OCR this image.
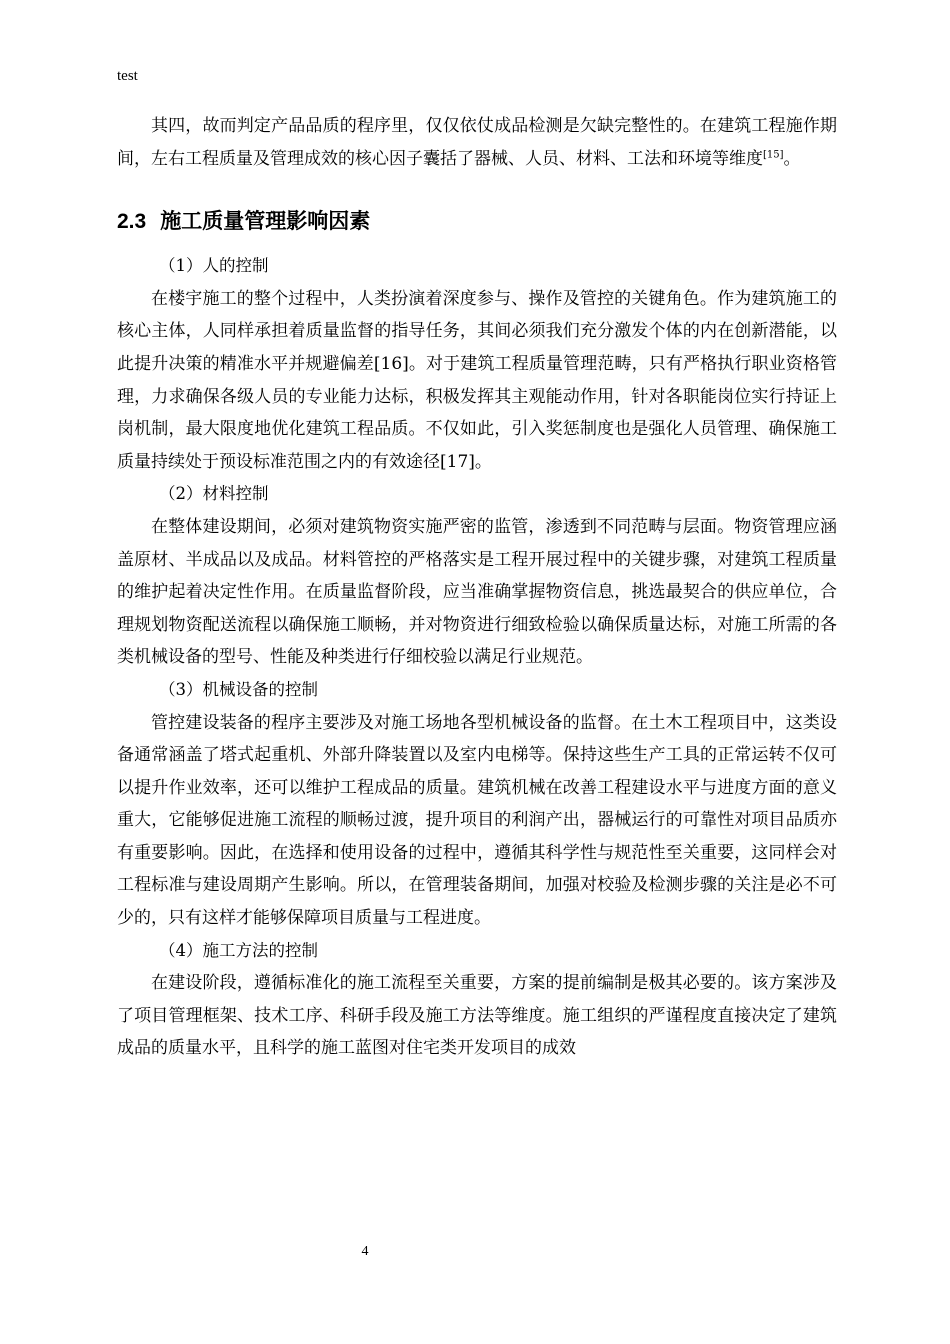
test

其四，故而判定产品品质的程序里，仅仅依仗成品检测是欠缺完整性的。在建筑工程施作期间，左右工程质量及管理成效的核心因子囊括了器械、人员、材料、工法和环境等维度[15]。

2.3 施工质量管理影响因素

（1）人的控制

在楼宇施工的整个过程中，人类扮演着深度参与、操作及管控的关键角色。作为建筑施工的核心主体，人同样承担着质量监督的指导任务，其间必须我们充分激发个体的内在创新潜能，以此提升决策的精准水平并规避偏差[16]。对于建筑工程质量管理范畴，只有严格执行职业资格管理，力求确保各级人员的专业能力达标，积极发挥其主观能动作用，针对各职能岗位实行持证上岗机制，最大限度地优化建筑工程品质。不仅如此，引入奖惩制度也是强化人员管理、确保施工质量持续处于预设标准范围之内的有效途径[17]。

（2）材料控制

在整体建设期间，必须对建筑物资实施严密的监管，渗透到不同范畴与层面。物资管理应涵盖原材、半成品以及成品。材料管控的严格落实是工程开展过程中的关键步骤，对建筑工程质量的维护起着决定性作用。在质量监督阶段，应当准确掌握物资信息，挑选最契合的供应单位，合理规划物资配送流程以确保施工顺畅，并对物资进行细致检验以确保质量达标，对施工所需的各类机械设备的型号、性能及种类进行仔细校验以满足行业规范。

（3）机械设备的控制

管控建设装备的程序主要涉及对施工场地各型机械设备的监督。在土木工程项目中，这类设备通常涵盖了塔式起重机、外部升降装置以及室内电梯等。保持这些生产工具的正常运转不仅可以提升作业效率，还可以维护工程成品的质量。建筑机械在改善工程建设水平与进度方面的意义重大，它能够促进施工流程的顺畅过渡，提升项目的利润产出，器械运行的可靠性对项目品质亦有重要影响。因此，在选择和使用设备的过程中，遵循其科学性与规范性至关重要，这同样会对工程标准与建设周期产生影响。所以，在管理装备期间，加强对校验及检测步骤的关注是必不可少的，只有这样才能够保障项目质量与工程进度。

（4）施工方法的控制

在建设阶段，遵循标准化的施工流程至关重要，方案的提前编制是极其必要的。该方案涉及了项目管理框架、技术工序、科研手段及施工方法等维度。施工组织的严谨程度直接决定了建筑成品的质量水平，且科学的施工蓝图对住宅类开发项目的成效

4
